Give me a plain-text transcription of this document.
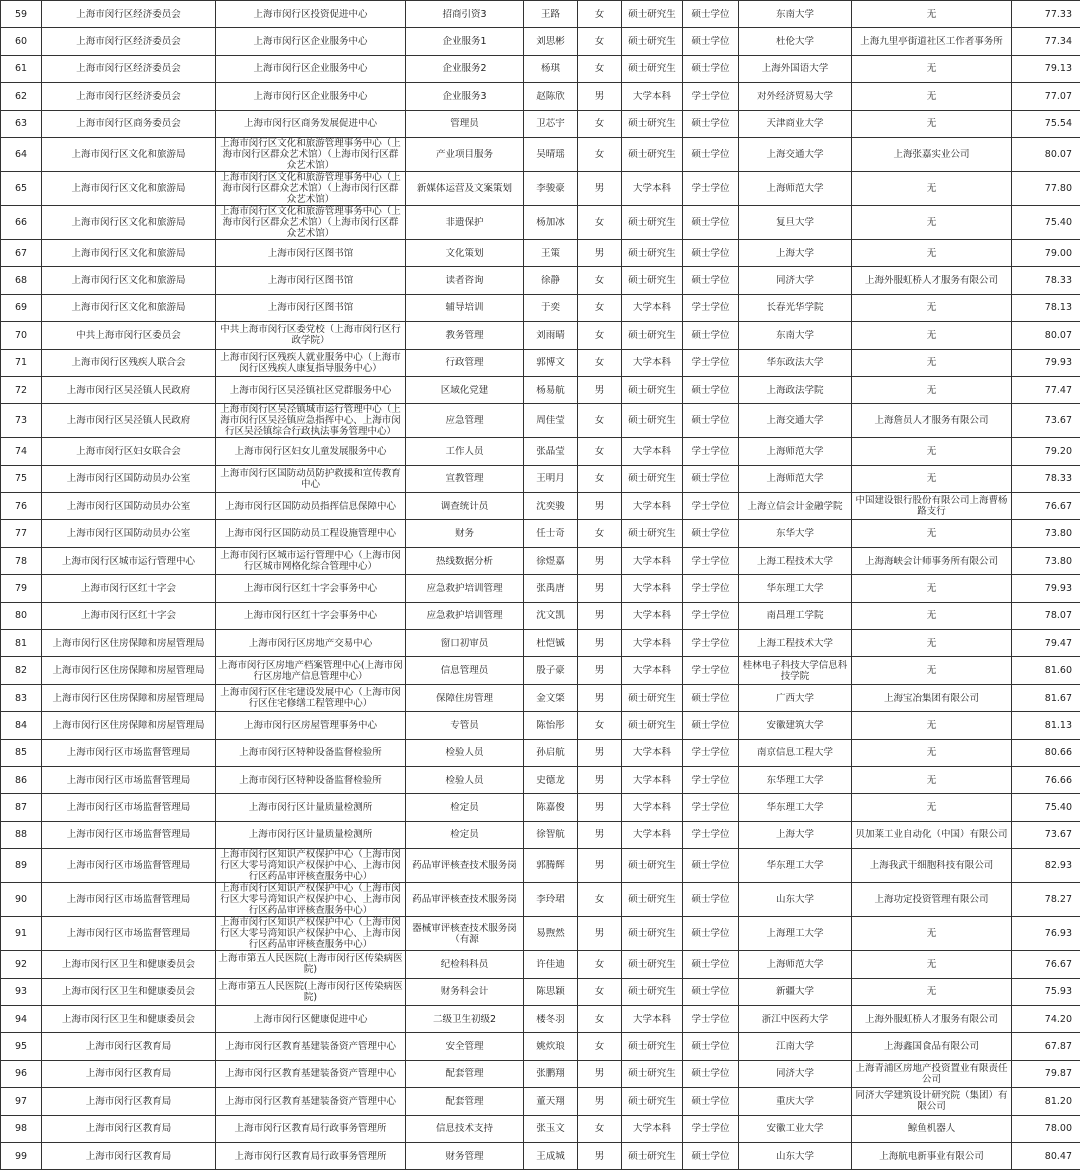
59	上海市闵行区经济委员会	上海市闵行区投资促进中心	招商引资3	王路	女	硕士研究生	硕士学位	东南大学	无	77.33

60	上海市闵行区经济委员会	上海市闵行区企业服务中心	企业服务1	刘思彬	女	硕士研究生	硕士学位	杜伦大学	上海九里亭街道社区工作者事务所	77.34

61	上海市闵行区经济委员会	上海市闵行区企业服务中心	企业服务2	杨琪	女	硕士研究生	硕士学位	上海外国语大学	无	79.13

62	上海市闵行区经济委员会	上海市闵行区企业服务中心	企业服务3	赵陈欣	男	大学本科	学士学位	对外经济贸易大学	无	77.07

63	上海市闵行区商务委员会	上海市闵行区商务发展促进中心	管理员	卫芯宇	女	硕士研究生	硕士学位	天津商业大学	无	75.54

64	上海市闵行区文化和旅游局	上海市闵行区文化和旅游管理事务中心（上海市闵行区群众艺术馆）（上海市闵行区群众艺术馆）	产业项目服务	吴晴瑶	女	硕士研究生	硕士学位	上海交通大学	上海张嘉实业公司	80.07

65	上海市闵行区文化和旅游局	上海市闵行区文化和旅游管理事务中心（上海市闵行区群众艺术馆）（上海市闵行区群众艺术馆）	新媒体运营及文案策划	李骏豪	男	大学本科	学士学位	上海师范大学	无	77.80

66	上海市闵行区文化和旅游局	上海市闵行区文化和旅游管理事务中心（上海市闵行区群众艺术馆）（上海市闵行区群众艺术馆）	非遗保护	杨加冰	女	硕士研究生	硕士学位	复旦大学	无	75.40

67	上海市闵行区文化和旅游局	上海市闵行区图书馆	文化策划	王策	男	硕士研究生	硕士学位	上海大学	无	79.00

68	上海市闵行区文化和旅游局	上海市闵行区图书馆	读者咨询	徐静	女	硕士研究生	硕士学位	同济大学	上海外服虹桥人才服务有限公司	78.33

69	上海市闵行区文化和旅游局	上海市闵行区图书馆	辅导培训	于奕	女	大学本科	学士学位	长春光华学院	无	78.13

70	中共上海市闵行区委员会	中共上海市闵行区委党校（上海市闵行区行政学院）	教务管理	刘雨晴	女	硕士研究生	硕士学位	东南大学	无	80.07

71	上海市闵行区残疾人联合会	上海市闵行区残疾人就业服务中心（上海市闵行区残疾人康复指导服务中心）	行政管理	郭博文	女	大学本科	学士学位	华东政法大学	无	79.93

72	上海市闵行区吴泾镇人民政府	上海市闵行区吴泾镇社区党群服务中心	区域化党建	杨易航	男	硕士研究生	硕士学位	上海政法学院	无	77.47

73	上海市闵行区吴泾镇人民政府	上海市闵行区吴泾镇城市运行管理中心（上海市闵行区吴泾镇应急指挥中心、上海市闵行区吴泾镇综合行政执法事务管理中心）	应急管理	周佳莹	女	硕士研究生	硕士学位	上海交通大学	上海詹员人才服务有限公司	73.67

74	上海市闵行区妇女联合会	上海市闵行区妇女儿童发展服务中心	工作人员	张晶莹	女	大学本科	学士学位	上海师范大学	无	79.20

75	上海市闵行区国防动员办公室	上海市闵行区国防动员防护救援和宣传教育中心	宣教管理	王明月	女	硕士研究生	硕士学位	上海师范大学	无	78.33

76	上海市闵行区国防动员办公室	上海市闵行区国防动员指挥信息保障中心	调查统计员	沈奕骏	男	大学本科	学士学位	上海立信会计金融学院	中国建设银行股份有限公司上海曹杨路支行	76.67

77	上海市闵行区国防动员办公室	上海市闵行区国防动员工程设施管理中心	财务	任士奇	女	硕士研究生	硕士学位	东华大学	无	73.80

78	上海市闵行区城市运行管理中心	上海市闵行区城市运行管理中心（上海市闵行区城市网格化综合管理中心）	热线数据分析	徐煜嘉	男	大学本科	学士学位	上海工程技术大学	上海海峡会计师事务所有限公司	73.80

79	上海市闵行区红十字会	上海市闵行区红十字会事务中心	应急救护培训管理	张禹唐	男	大学本科	学士学位	华东理工大学	无	79.93

80	上海市闵行区红十字会	上海市闵行区红十字会事务中心	应急救护培训管理	沈文凯	男	大学本科	学士学位	南昌理工学院	无	78.07

81	上海市闵行区住房保障和房屋管理局	上海市闵行区房地产交易中心	窗口初审员	杜恺铖	男	大学本科	学士学位	上海工程技术大学	无	79.47

82	上海市闵行区住房保障和房屋管理局	上海市闵行区房地产档案管理中心(上海市闵行区房地产信息管理中心）	信息管理员	殷子豪	男	大学本科	学士学位	桂林电子科技大学信息科技学院	无	81.60

83	上海市闵行区住房保障和房屋管理局	上海市闵行区住宅建设发展中心（上海市闵行区住宅修缮工程管理中心）	保障住房管理	金文棨	男	硕士研究生	硕士学位	广西大学	上海宝冶集团有限公司	81.67

84	上海市闵行区住房保障和房屋管理局	上海市闵行区房屋管理事务中心	专管员	陈怡彤	女	硕士研究生	硕士学位	安徽建筑大学	无	81.13

85	上海市闵行区市场监督管理局	上海市闵行区特种设备监督检验所	检验人员	孙启航	男	大学本科	学士学位	南京信息工程大学	无	80.66

86	上海市闵行区市场监督管理局	上海市闵行区特种设备监督检验所	检验人员	史德龙	男	大学本科	学士学位	东华理工大学	无	76.66

87	上海市闵行区市场监督管理局	上海市闵行区计量质量检测所	检定员	陈嘉俊	男	大学本科	学士学位	华东理工大学	无	75.40

88	上海市闵行区市场监督管理局	上海市闵行区计量质量检测所	检定员	徐智航	男	大学本科	学士学位	上海大学	贝加莱工业自动化（中国）有限公司	73.67

89	上海市闵行区市场监督管理局	上海市闵行区知识产权保护中心（上海市闵行区大零号湾知识产权保护中心、上海市闵行区药品审评核查服务中心）	药品审评核查技术服务岗	郭腾辉	男	硕士研究生	硕士学位	华东理工大学	上海我武干细胞科技有限公司	82.93

90	上海市闵行区市场监督管理局	上海市闵行区知识产权保护中心（上海市闵行区大零号湾知识产权保护中心、上海市闵行区药品审评核查服务中心）	药品审评核查技术服务岗	李玲珺	女	硕士研究生	硕士学位	山东大学	上海功定投资管理有限公司	78.27

91	上海市闵行区市场监督管理局	上海市闵行区知识产权保护中心（上海市闵行区大零号湾知识产权保护中心、上海市闵行区药品审评核查服务中心）	器械审评核查技术服务岗（有源	易煦然	男	硕士研究生	硕士学位	上海理工大学	无	76.93

92	上海市闵行区卫生和健康委员会	上海市第五人民医院(上海市闵行区传染病医院)	纪检科科员	许佳迪	女	硕士研究生	硕士学位	上海师范大学	无	76.67

93	上海市闵行区卫生和健康委员会	上海市第五人民医院(上海市闵行区传染病医院)	财务科会计	陈思颖	女	硕士研究生	硕士学位	新疆大学	无	75.93

94	上海市闵行区卫生和健康委员会	上海市闵行区健康促进中心	二级卫生初级2	楼冬羽	女	大学本科	学士学位	浙江中医药大学	上海外服虹桥人才服务有限公司	74.20

95	上海市闵行区教育局	上海市闵行区教育基建装备资产管理中心	安全管理	姚炊琅	女	硕士研究生	硕士学位	江南大学	上海鑫国食品有限公司	67.87

96	上海市闵行区教育局	上海市闵行区教育基建装备资产管理中心	配套管理	张鹏翔	男	硕士研究生	硕士学位	同济大学	上海青浦区房地产投资置业有限责任公司	79.87

97	上海市闵行区教育局	上海市闵行区教育基建装备资产管理中心	配套管理	董天翔	男	硕士研究生	硕士学位	重庆大学	同济大学建筑设计研究院（集团）有限公司	81.20

98	上海市闵行区教育局	上海市闵行区教育局行政事务管理所	信息技术支持	张玉文	女	大学本科	学士学位	安徽工业大学	鲸鱼机器人	78.00

99	上海市闵行区教育局	上海市闵行区教育局行政事务管理所	财务管理	王成城	男	硕士研究生	硕士学位	山东大学	上海航电新事业有限公司	80.47
